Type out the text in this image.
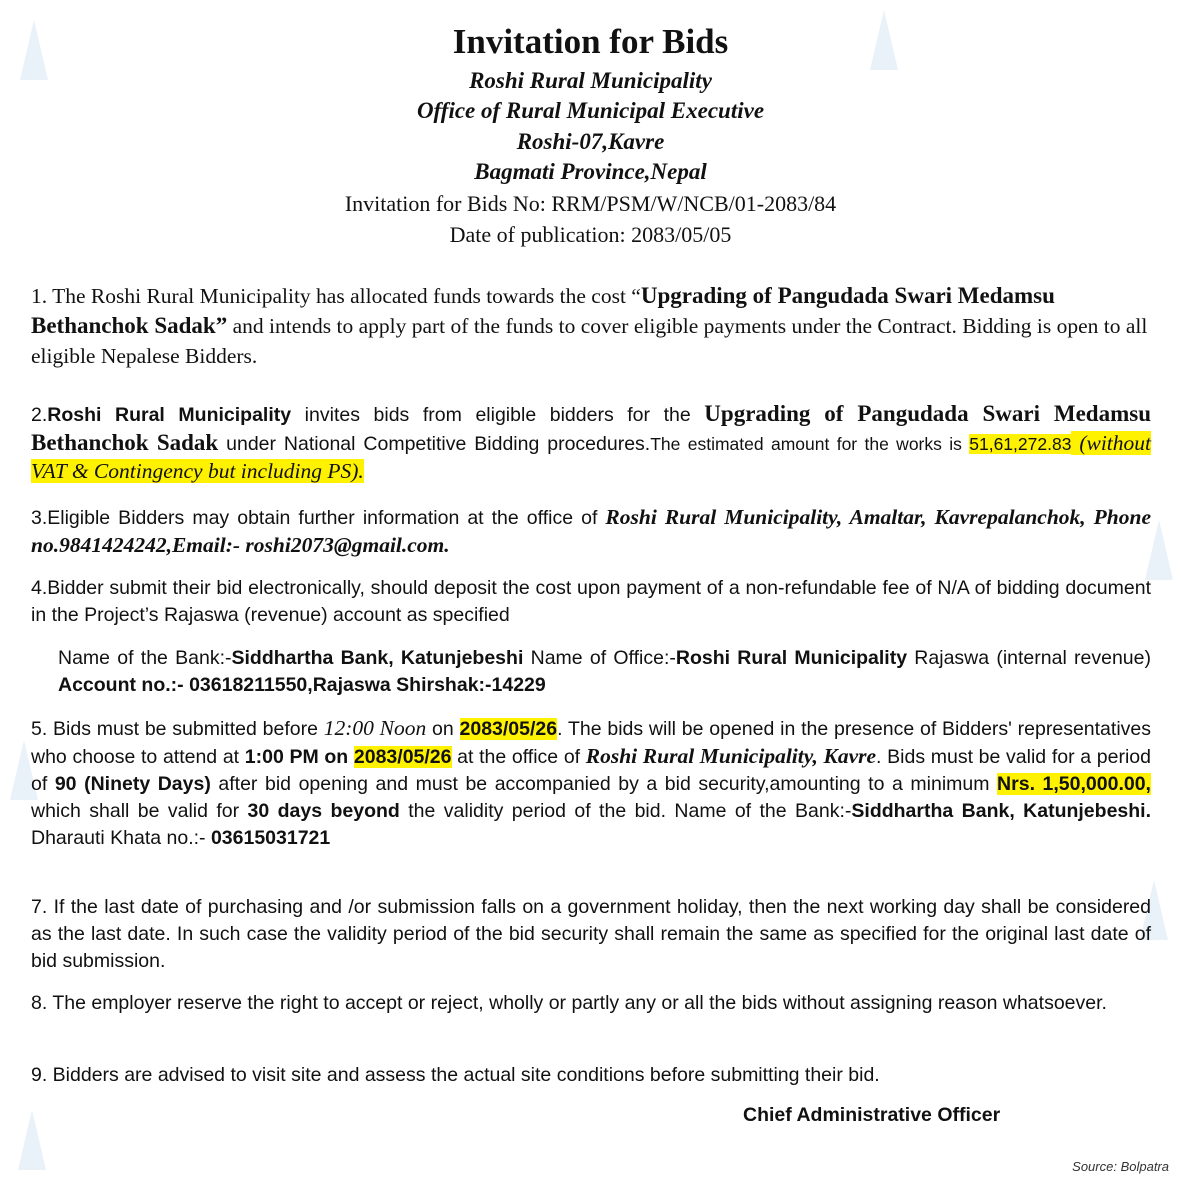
Invitation for Bids
Roshi Rural Municipality
Office of Rural Municipal Executive
Roshi-07,Kavre
Bagmati Province,Nepal
Invitation for Bids No: RRM/PSM/W/NCB/01-2083/84
Date of publication: 2083/05/05
1. The Roshi Rural Municipality has allocated funds towards the cost “Upgrading of Pangudada Swari Medamsu Bethanchok Sadak” and intends to apply part of the funds to cover eligible payments under the Contract. Bidding is open to all eligible Nepalese Bidders.
2.Roshi Rural Municipality invites bids from eligible bidders for the Upgrading of Pangudada Swari Medamsu Bethanchok Sadak under National Competitive Bidding procedures.The estimated amount for the works is 51,61,272.83 (without VAT & Contingency but including PS).
3.Eligible Bidders may obtain further information at the office of Roshi Rural Municipality, Amaltar, Kavrepalanchok, Phone no.9841424242,Email:- roshi2073@gmail.com.
4.Bidder submit their bid electronically, should deposit the cost upon payment of a non-refundable fee of N/A of bidding document in the Project’s Rajaswa (revenue) account as specified
Name of the Bank:-Siddhartha Bank, Katunjebeshi Name of Office:-Roshi Rural Municipality Rajaswa (internal revenue) Account no.:- 03618211550,Rajaswa Shirshak:-14229
5. Bids must be submitted before 12:00 Noon on 2083/05/26. The bids will be opened in the presence of Bidders' representatives who choose to attend at 1:00 PM on 2083/05/26 at the office of Roshi Rural Municipality, Kavre. Bids must be valid for a period of 90 (Ninety Days) after bid opening and must be accompanied by a bid security,amounting to a minimum Nrs. 1,50,000.00, which shall be valid for 30 days beyond the validity period of the bid. Name of the Bank:-Siddhartha Bank, Katunjebeshi. Dharauti Khata no.:- 03615031721
7. If the last date of purchasing and /or submission falls on a government holiday, then the next working day shall be considered as the last date. In such case the validity period of the bid security shall remain the same as specified for the original last date of bid submission.
8. The employer reserve the right to accept or reject, wholly or partly any or all the bids without assigning reason whatsoever.
9. Bidders are advised to visit site and assess the actual site conditions before submitting their bid.
Chief Administrative Officer
Source: Bolpatra
